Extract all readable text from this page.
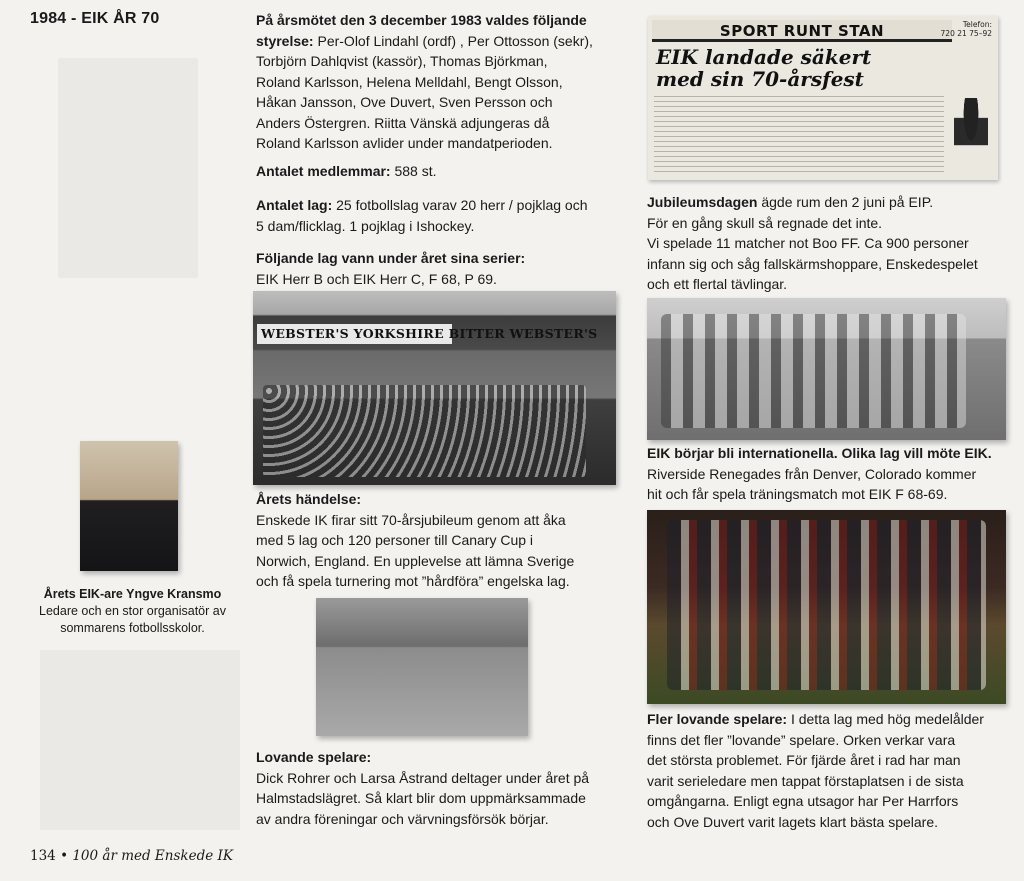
1984 - EIK ÅR 70	På årsmötet den 3 december 1983 valdes följande
styrelse: Per-Olof Lindahl (ordf) , Per Ottosson (sekr),
Torbjörn Dahlqvist (kassör), Thomas Björkman,
Roland Karlsson, Helena Melldahl, Bengt Olsson,
Håkan Jansson, Ove Duvert, Sven Persson och
Anders Östergren. Riitta Vänskä adjungeras då
Roland Karlsson avlider under mandatperioden.
Antalet medlemmar: 588 st.
Antalet lag: 25 fotbollslag varav 20 herr / pojklag och
5 dam/flicklag. 1 pojklag i Ishockey.
Följande lag vann under året sina serier:
EIK Herr B och EIK Herr C, F 68, P 69.
WEBSTER'S YORKSHIRE BITTER WEBSTER'S
Årets händelse:
Enskede IK firar sitt 70-årsjubileum genom att åka
med 5 lag och 120 personer till Canary Cup i
Norwich, England. En upplevelse att lämna Sverige
och få spela turnering mot ”hårdföra” engelska lag.
Lovande spelare:
Dick Rohrer och Larsa Åstrand deltager under året på
Halmstadslägret. Så klart blir dom uppmärksammade
av andra föreningar och värvningsförsök börjar.
Årets EIK-are Yngve Kransmo
Ledare och en stor organisatör av
sommarens fotbollsskolor.
SPORT RUNT STAN	Telefon:
720 21 75–92
EIK landade säkert
med sin 70-årsfest
Jubileumsdagen ägde rum den 2 juni på EIP.
För en gång skull så regnade det inte.
Vi spelade 11 matcher not Boo FF. Ca 900 personer
infann sig och såg fallskärmshoppare, Enskedespelet
och ett flertal tävlingar.
EIK börjar bli internationella. Olika lag vill möte EIK.
Riverside Renegades från Denver, Colorado kommer
hit och får spela träningsmatch mot EIK F 68-69.
Fler lovande spelare: I detta lag med hög medelålder
finns det fler ”lovande” spelare. Orken verkar vara
det största problemet. För fjärde året i rad har man
varit serieledare men tappat förstaplatsen i de sista
omgångarna. Enligt egna utsagor har Per Harrfors
och Ove Duvert varit lagets klart bästa spelare.
134 • 100 år med Enskede IK
